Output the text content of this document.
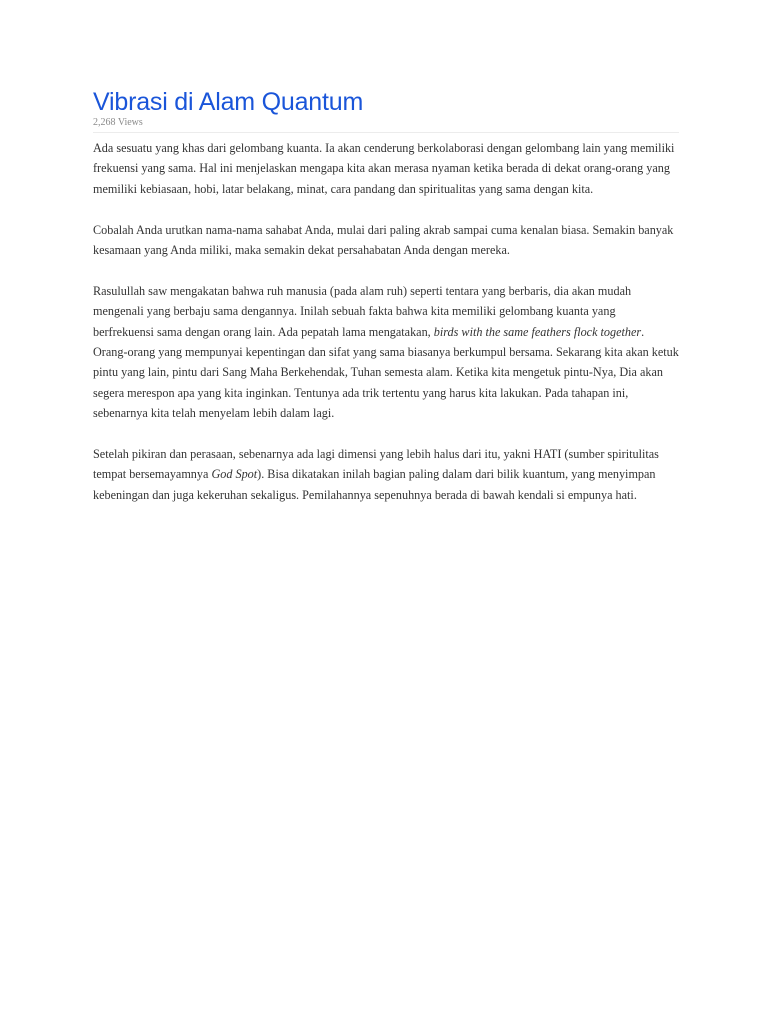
Vibrasi di Alam Quantum
2,268 Views

Ada sesuatu yang khas dari gelombang kuanta. Ia akan cenderung berkolaborasi dengan gelombang lain yang memiliki frekuensi yang sama. Hal ini menjelaskan mengapa kita akan merasa nyaman ketika berada di dekat orang-orang yang memiliki kebiasaan, hobi, latar belakang, minat, cara pandang dan spiritualitas yang sama dengan kita.

Cobalah Anda urutkan nama-nama sahabat Anda, mulai dari paling akrab sampai cuma kenalan biasa. Semakin banyak kesamaan yang Anda miliki, maka semakin dekat persahabatan Anda dengan mereka.

Rasulullah saw mengakatan bahwa ruh manusia (pada alam ruh) seperti tentara yang berbaris, dia akan mudah mengenali yang berbaju sama dengannya. Inilah sebuah fakta bahwa kita memiliki gelombang kuanta yang berfrekuensi sama dengan orang lain. Ada pepatah lama mengatakan, birds with the same feathers flock together. Orang-orang yang mempunyai kepentingan dan sifat yang sama biasanya berkumpul bersama. Sekarang kita akan ketuk pintu yang lain, pintu dari Sang Maha Berkehendak, Tuhan semesta alam. Ketika kita mengetuk pintu-Nya, Dia akan segera merespon apa yang kita inginkan. Tentunya ada trik tertentu yang harus kita lakukan. Pada tahapan ini, sebenarnya kita telah menyelam lebih dalam lagi.

Setelah pikiran dan perasaan, sebenarnya ada lagi dimensi yang lebih halus dari itu, yakni HATI (sumber spiritulitas tempat bersemayamnya God Spot). Bisa dikatakan inilah bagian paling dalam dari bilik kuantum, yang menyimpan kebeningan dan juga kekeruhan sekaligus. Pemilahannya sepenuhnya berada di bawah kendali si empunya hati.
